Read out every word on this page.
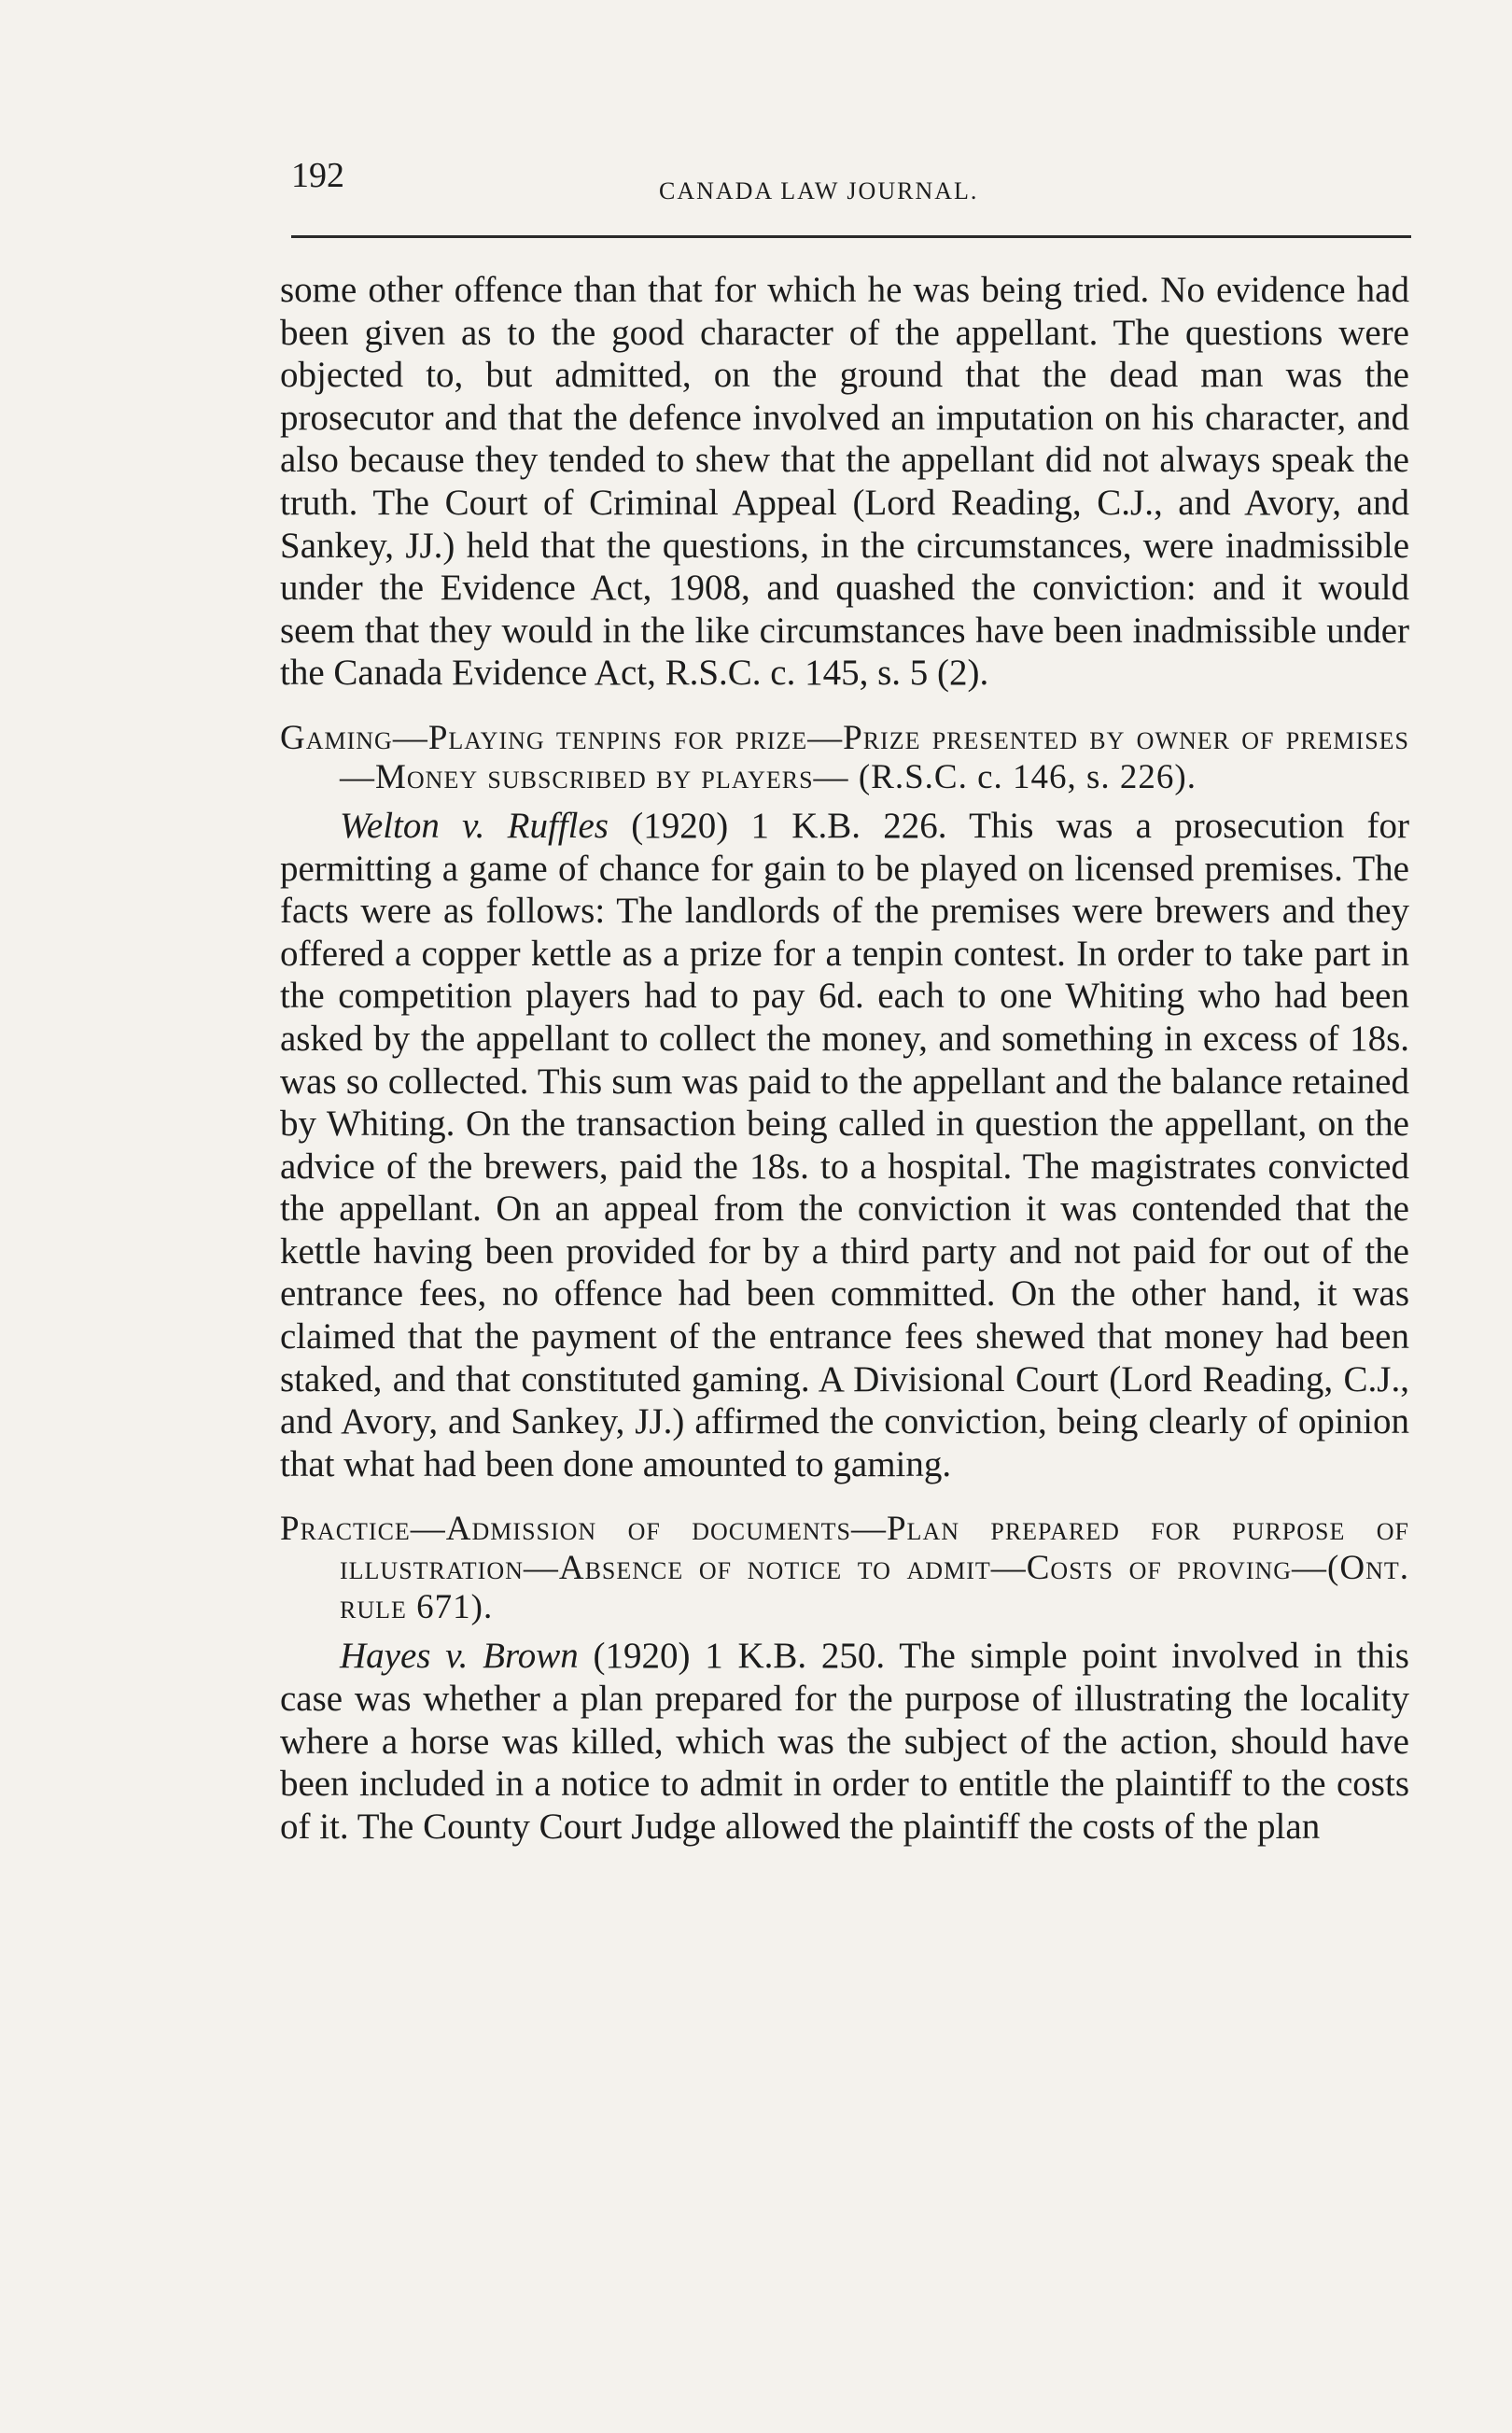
192	CANADA LAW JOURNAL.

some other offence than that for which he was being tried. No evidence had been given as to the good character of the appellant. The questions were objected to, but admitted, on the ground that the dead man was the prosecutor and that the defence involved an imputation on his character, and also because they tended to shew that the appellant did not always speak the truth. The Court of Criminal Appeal (Lord Reading, C.J., and Avory, and Sankey, JJ.) held that the questions, in the circumstances, were inadmissible under the Evidence Act, 1908, and quashed the conviction: and it would seem that they would in the like circumstances have been inadmissible under the Canada Evidence Act, R.S.C. c. 145, s. 5 (2).

Gaming—Playing tenpins for prize—Prize presented by owner of premises—Money subscribed by players— (R.S.C. c. 146, s. 226).

Welton v. Ruffles (1920) 1 K.B. 226. This was a prosecution for permitting a game of chance for gain to be played on licensed premises. The facts were as follows: The landlords of the premises were brewers and they offered a copper kettle as a prize for a tenpin contest. In order to take part in the competition players had to pay 6d. each to one Whiting who had been asked by the appellant to collect the money, and something in excess of 18s. was so collected. This sum was paid to the appellant and the balance retained by Whiting. On the transaction being called in question the appellant, on the advice of the brewers, paid the 18s. to a hospital. The magistrates convicted the appellant. On an appeal from the conviction it was contended that the kettle having been provided for by a third party and not paid for out of the entrance fees, no offence had been committed. On the other hand, it was claimed that the payment of the entrance fees shewed that money had been staked, and that constituted gaming. A Divisional Court (Lord Reading, C.J., and Avory, and Sankey, JJ.) affirmed the conviction, being clearly of opinion that what had been done amounted to gaming.

Practice—Admission of documents—Plan prepared for purpose of illustration—Absence of notice to admit—Costs of proving—(Ont. rule 671).

Hayes v. Brown (1920) 1 K.B. 250. The simple point involved in this case was whether a plan prepared for the purpose of illustrating the locality where a horse was killed, which was the subject of the action, should have been included in a notice to admit in order to entitle the plaintiff to the costs of it. The County Court Judge allowed the plaintiff the costs of the plan
